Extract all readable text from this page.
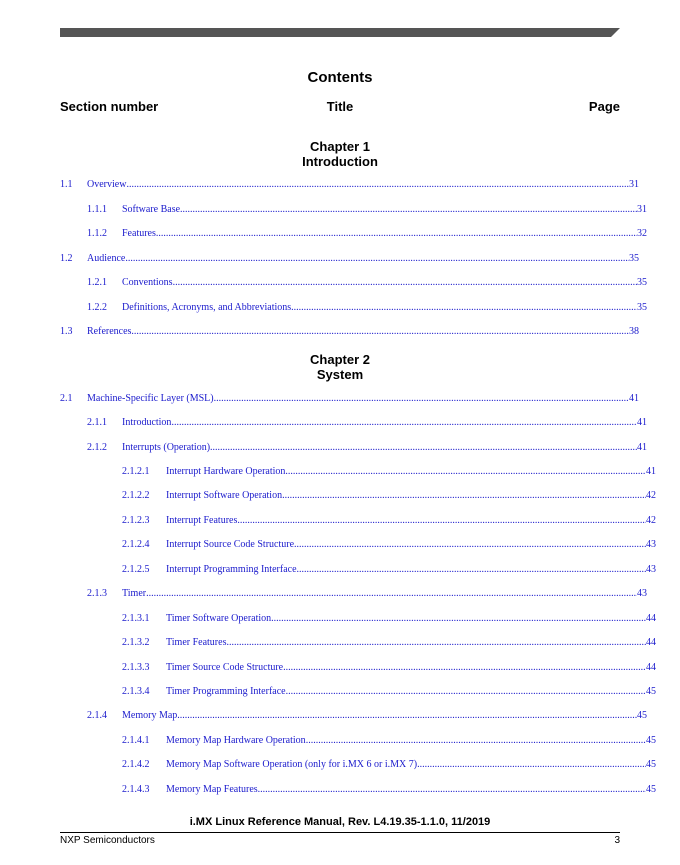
Contents
Section number	Title	Page
Chapter 1
Introduction
Chapter 2
System
1.1 Overview .....	31
1.1.1 Software Base .....	31
1.1.2 Features .....	32
1.2 Audience .....	35
1.2.1 Conventions .....	35
1.2.2 Definitions, Acronyms, and Abbreviations .....	35
1.3 References .....	38
2.1 Machine-Specific Layer (MSL) .....	41
2.1.1 Introduction .....	41
2.1.2 Interrupts (Operation) .....	41
2.1.2.1 Interrupt Hardware Operation .....	41
2.1.2.2 Interrupt Software Operation .....	42
2.1.2.3 Interrupt Features .....	42
2.1.2.4 Interrupt Source Code Structure .....	43
2.1.2.5 Interrupt Programming Interface .....	43
2.1.3 Timer .....	43
2.1.3.1 Timer Software Operation .....	44
2.1.3.2 Timer Features .....	44
2.1.3.3 Timer Source Code Structure .....	44
2.1.3.4 Timer Programming Interface .....	45
2.1.4 Memory Map .....	45
2.1.4.1 Memory Map Hardware Operation .....	45
2.1.4.2 Memory Map Software Operation (only for i.MX 6 or i.MX 7) .....	45
2.1.4.3 Memory Map Features .....	45
i.MX Linux Reference Manual, Rev. L4.19.35-1.1.0, 11/2019
NXP Semiconductors	3
